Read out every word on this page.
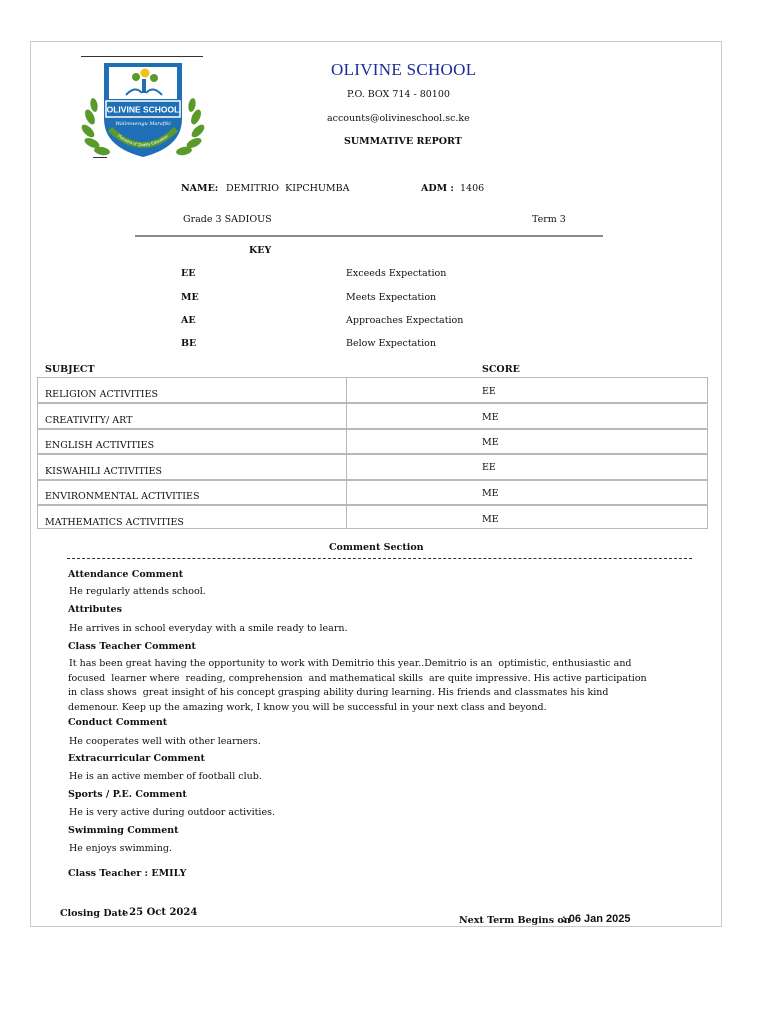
OLIVINE SCHOOL
Walimwengu Marafiki
Pioneers of Quality Education
OLIVINE SCHOOL
P.O. BOX 714 - 80100
accounts@olivineschool.sc.ke
SUMMATIVE REPORT
NAME: DEMITRIO  KIPCHUMBA	ADM : 1406
Grade 3 SADIOUS	Term 3
KEY
EE	Exceeds Expectation
ME	Meets Expectation
AE	Approaches Expectation
BE	Below Expectation
SUBJECT	SCORE
RELIGION ACTIVITIES	EE
CREATIVITY/ ART	ME
ENGLISH ACTIVITIES	ME
KISWAHILI ACTIVITIES	EE
ENVIRONMENTAL ACTIVITIES	ME
MATHEMATICS ACTIVITIES	ME
Comment Section
Attendance Comment
He regularly attends school.
Attributes
He arrives in school everyday with a smile ready to learn.
Class Teacher Comment
It has been great having the opportunity to work with Demitrio this year..Demitrio is an  optimistic, enthusiastic and
focused  learner where  reading, comprehension  and mathematical skills  are quite impressive. His active participation
in class shows  great insight of his concept grasping ability during learning. His friends and classmates his kind
demenour. Keep up the amazing work, I know you will be successful in your next class and beyond.
Conduct Comment
He cooperates well with other learners.
Extracurricular Comment
He is an active member of football club.
Sports / P.E. Comment
He is very active during outdoor activities.
Swimming Comment
He enjoys swimming.
Class Teacher : EMILY
Closing Date
: 25 Oct 2024
Next Term Begins on
: 06 Jan 2025
